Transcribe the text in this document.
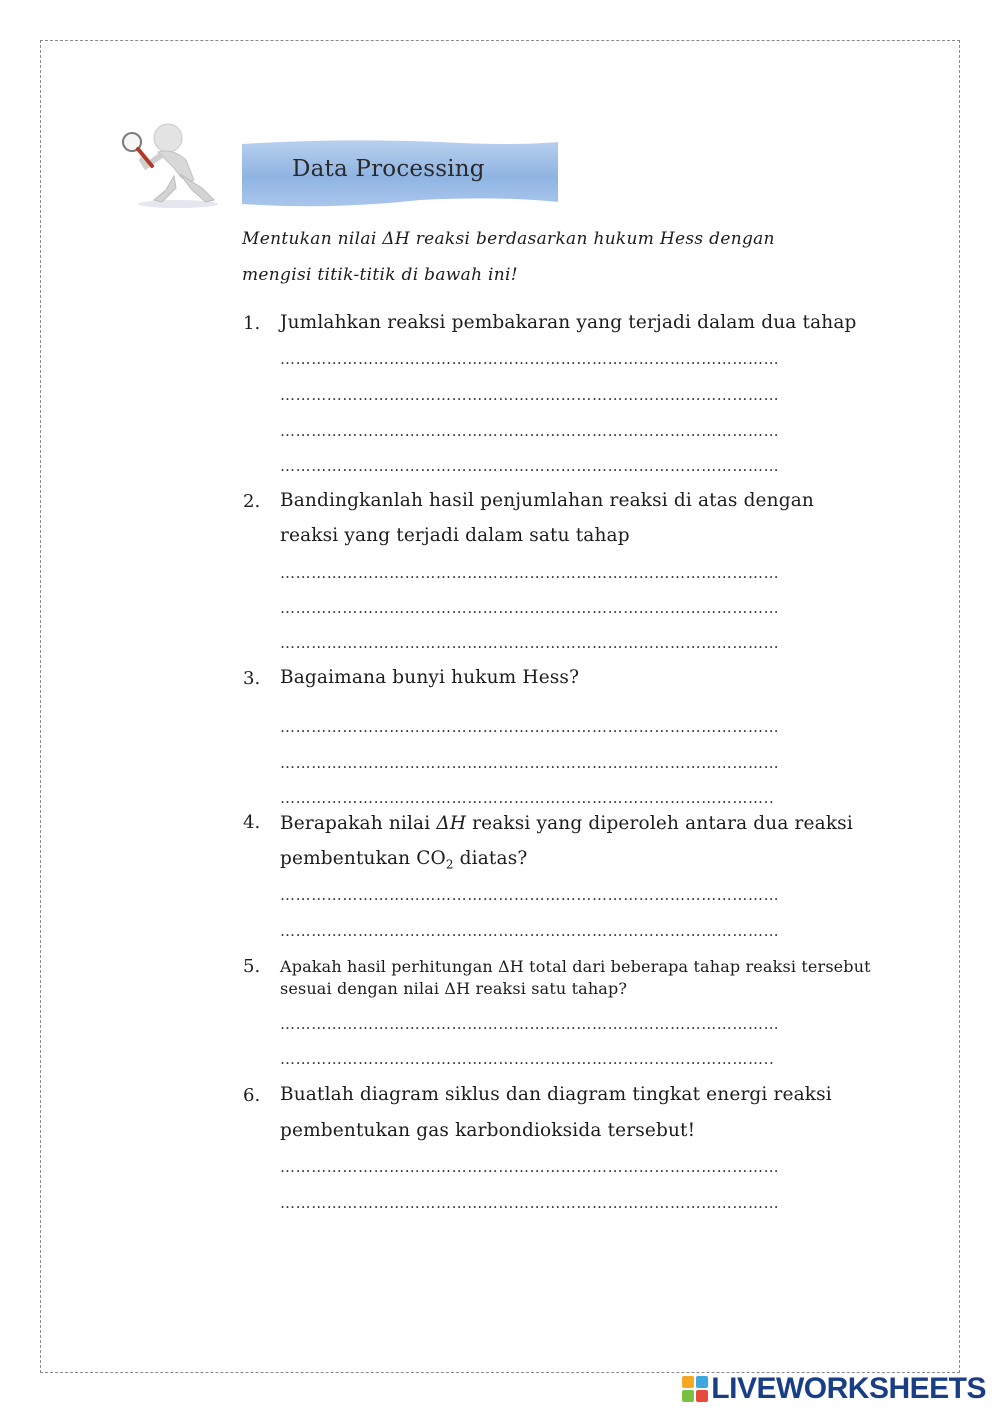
Data Processing
Mentukan nilai ΔH reaksi berdasarkan hukum Hess dengan
mengisi titik-titik di bawah ini!
1. Jumlahkan reaksi pembakaran yang terjadi dalam dua tahap
……………………………………………………………………………………
……………………………………………………………………………………
……………………………………………………………………………………
……………………………………………………………………………………
2. Bandingkanlah hasil penjumlahan reaksi di atas dengan
reaksi yang terjadi dalam satu tahap
……………………………………………………………………………………
……………………………………………………………………………………
……………………………………………………………………………………
3. Bagaimana bunyi hukum Hess?
……………………………………………………………………………………
……………………………………………………………………………………
…………………………………………………………………………………..
4. Berapakah nilai ΔH reaksi yang diperoleh antara dua reaksi
pembentukan $CO_2$ diatas?
……………………………………………………………………………………
……………………………………………………………………………………
5. Apakah hasil perhitungan ΔH total dari beberapa tahap reaksi tersebut
sesuai dengan nilai ΔH reaksi satu tahap?
……………………………………………………………………………………
…………………………………………………………………………………..
6. Buatlah diagram siklus dan diagram tingkat energi reaksi
pembentukan gas karbondioksida tersebut!
……………………………………………………………………………………
……………………………………………………………………………………
LIVEWORKSHEETS
